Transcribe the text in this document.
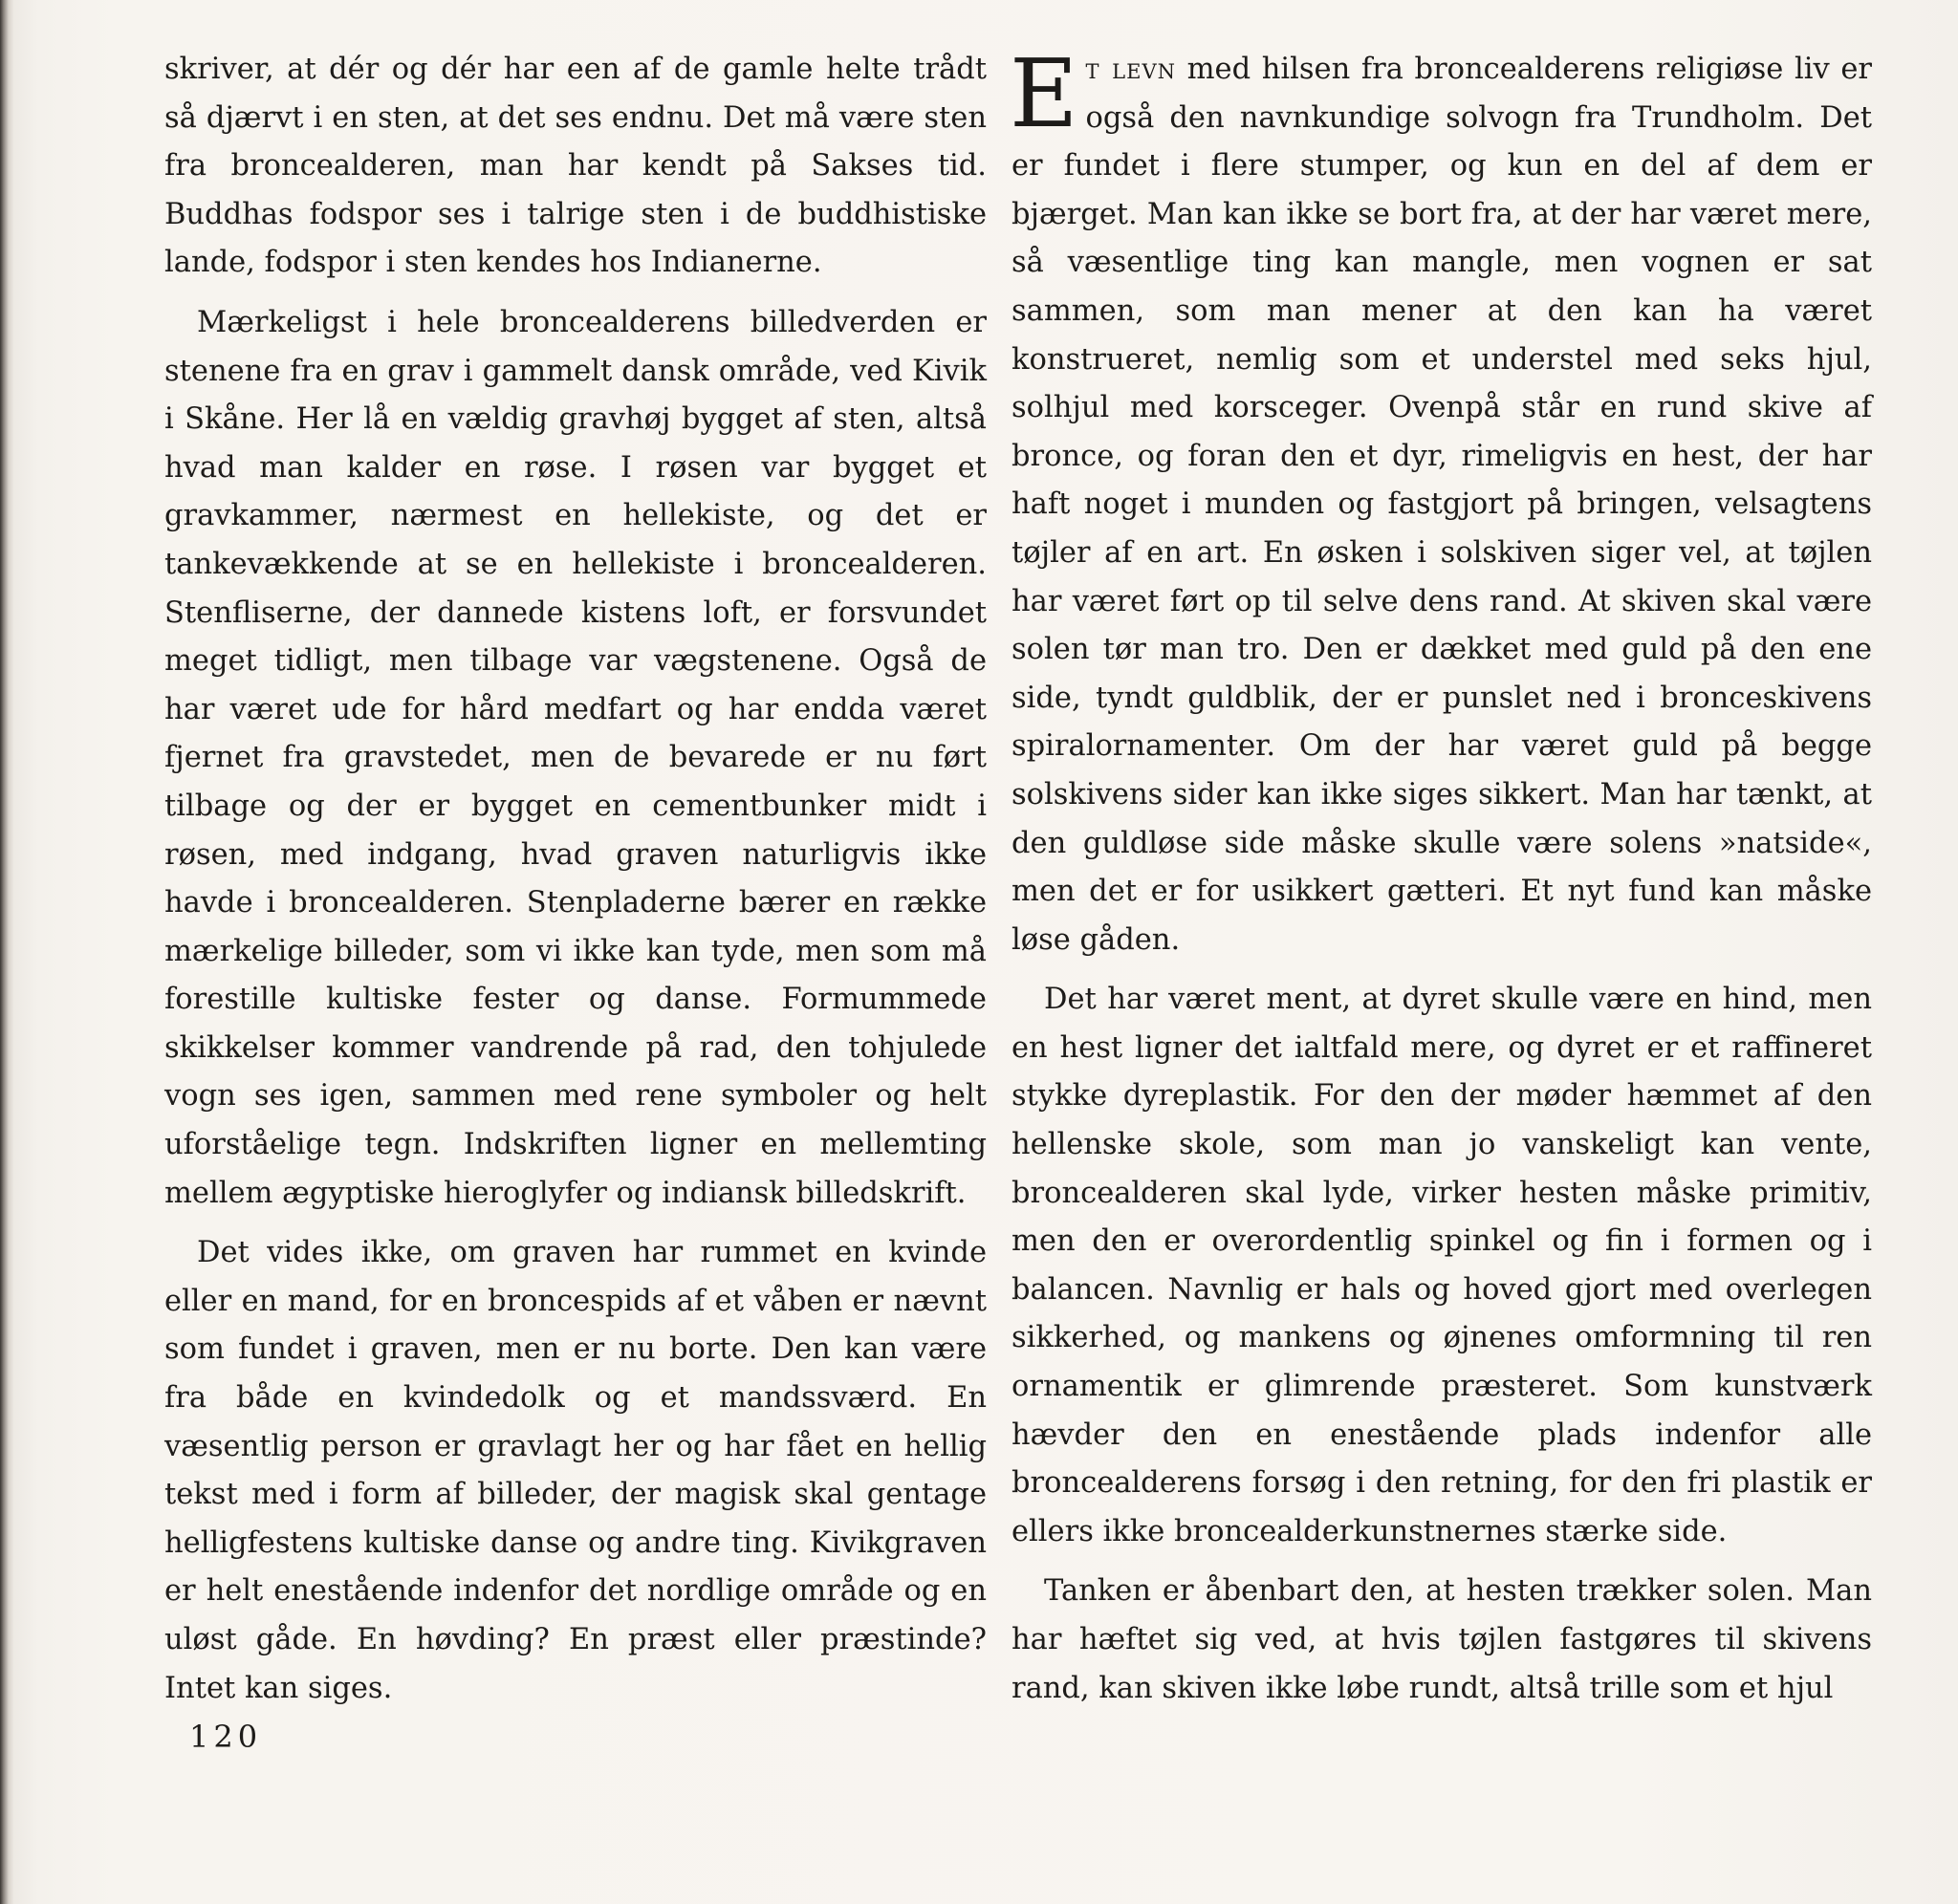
skriver, at dér og dér har een af de gamle helte trådt så djærvt i en sten, at det ses endnu. Det må være sten fra broncealderen, man har kendt på Sakses tid. Buddhas fodspor ses i talrige sten i de buddhistiske lande, fodspor i sten kendes hos Indianerne.

Mærkeligst i hele broncealderens billedverden er stenene fra en grav i gammelt dansk område, ved Kivik i Skåne. Her lå en vældig gravhøj bygget af sten, altså hvad man kalder en røse. I røsen var bygget et gravkammer, nærmest en hellekiste, og det er tankevækkende at se en hellekiste i broncealderen. Stenfliserne, der dannede kistens loft, er forsvundet meget tidligt, men tilbage var vægstenene. Også de har været ude for hård medfart og har endda været fjernet fra gravstedet, men de bevarede er nu ført tilbage og der er bygget en cementbunker midt i røsen, med indgang, hvad graven naturligvis ikke havde i broncealderen. Stenpladerne bærer en række mærkelige billeder, som vi ikke kan tyde, men som må forestille kultiske fester og danse. Formummede skikkelser kommer vandrende på rad, den tohjulede vogn ses igen, sammen med rene symboler og helt uforståelige tegn. Indskriften ligner en mellemting mellem ægyptiske hieroglyfer og indiansk billedskrift.

Det vides ikke, om graven har rummet en kvinde eller en mand, for en broncespids af et våben er nævnt som fundet i graven, men er nu borte. Den kan være fra både en kvindedolk og et mandssværd. En væsentlig person er gravlagt her og har fået en hellig tekst med i form af billeder, der magisk skal gentage helligfestens kultiske danse og andre ting. Kivikgraven er helt enestående indenfor det nordlige område og en uløst gåde. En høvding? En præst eller præstinde? Intet kan siges.

Et levn med hilsen fra broncealderens religiøse liv er også den navnkundige solvogn fra Trundholm. Det er fundet i flere stumper, og kun en del af dem er bjærget. Man kan ikke se bort fra, at der har været mere, så væsentlige ting kan mangle, men vognen er sat sammen, som man mener at den kan ha været konstrueret, nemlig som et understel med seks hjul, solhjul med korsceger. Ovenpå står en rund skive af bronce, og foran den et dyr, rimeligvis en hest, der har haft noget i munden og fastgjort på bringen, velsagtens tøjler af en art. En øsken i solskiven siger vel, at tøjlen har været ført op til selve dens rand. At skiven skal være solen tør man tro. Den er dækket med guld på den ene side, tyndt guldblik, der er punslet ned i bronceskivens spiralornamenter. Om der har været guld på begge solskivens sider kan ikke siges sikkert. Man har tænkt, at den guldløse side måske skulle være solens »natside«, men det er for usikkert gætteri. Et nyt fund kan måske løse gåden.

Det har været ment, at dyret skulle være en hind, men en hest ligner det ialtfald mere, og dyret er et raffineret stykke dyreplastik. For den der møder hæmmet af den hellenske skole, som man jo vanskeligt kan vente, broncealderen skal lyde, virker hesten måske primitiv, men den er overordentlig spinkel og fin i formen og i balancen. Navnlig er hals og hoved gjort med overlegen sikkerhed, og mankens og øjnenes omformning til ren ornamentik er glimrende præsteret. Som kunstværk hævder den en enestående plads indenfor alle broncealderens forsøg i den retning, for den fri plastik er ellers ikke broncealderkunstnernes stærke side.

Tanken er åbenbart den, at hesten trækker solen. Man har hæftet sig ved, at hvis tøjlen fastgøres til skivens rand, kan skiven ikke løbe rundt, altså trille som et hjul

120
